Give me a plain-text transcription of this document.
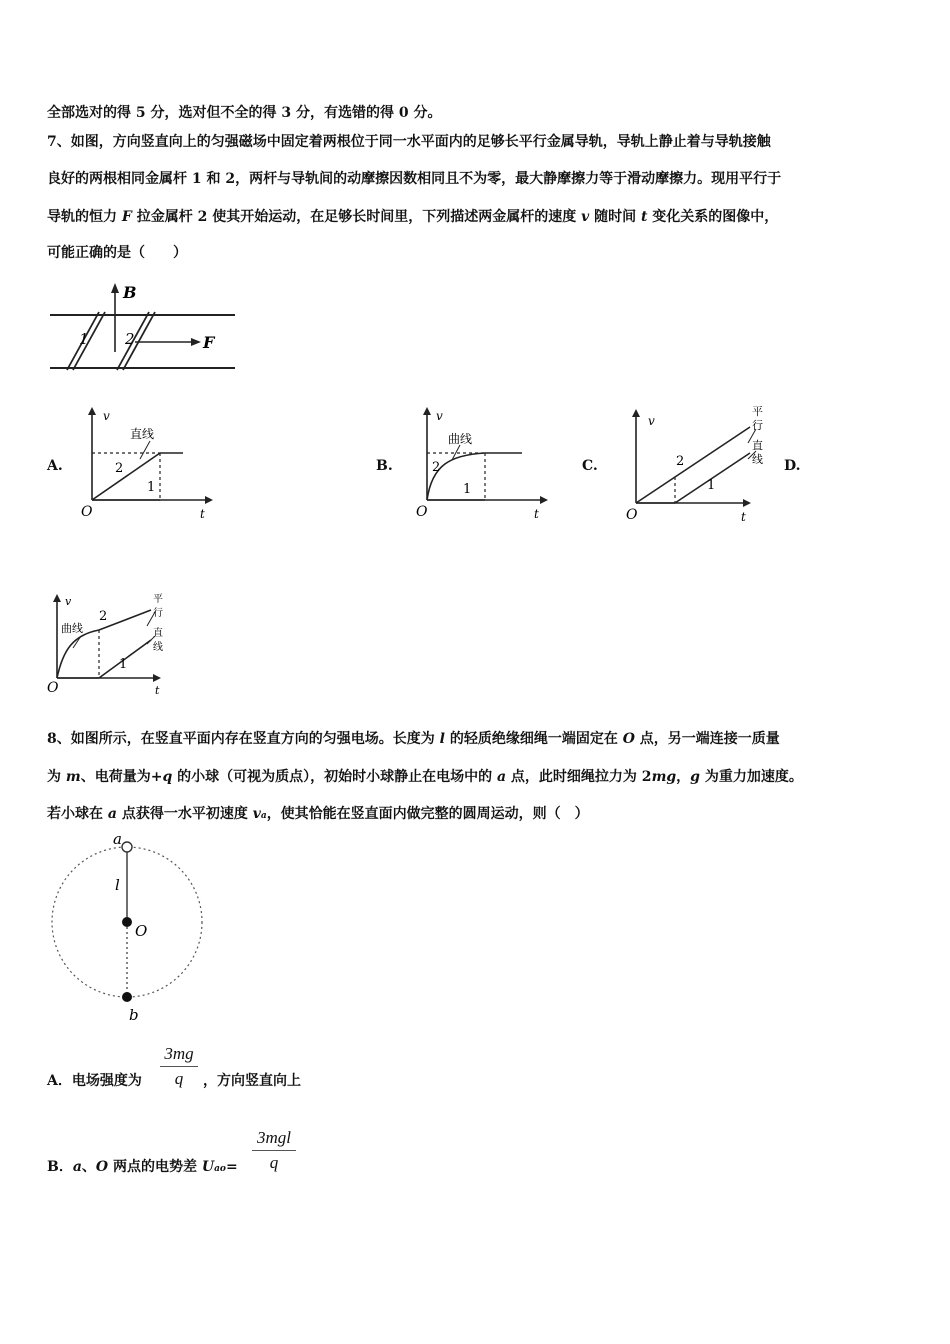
全部选对的得 5 分，选对但不全的得 3 分，有选错的得 0 分。
7、如图，方向竖直向上的匀强磁场中固定着两根位于同一水平面内的足够长平行金属导轨，导轨上静止着与导轨接触
良好的两根相同金属杆 1 和 2，两杆与导轨间的动摩擦因数相同且不为零，最大静摩擦力等于滑动摩擦力。现用平行于
导轨的恒力 F 拉金属杆 2 使其开始运动，在足够长时间里，下列描述两金属杆的速度 v 随时间 t 变化关系的图像中，
可能正确的是（　　）
B
F
1 2
A.	B.	C.	D.
v
直线
2
1
O	t
v
曲线
2
1
O	t
v
2
1
平
行
直
线
O	t
v
曲线
2
1
平
行
直
线
O	t
8、如图所示，在竖直平面内存在竖直方向的匀强电场。长度为 l 的轻质绝缘细绳一端固定在 O 点，另一端连接一质量
为 m、电荷量为+q 的小球（可视为质点），初始时小球静止在电场中的 a 点，此时细绳拉力为 2mg，g 为重力加速度。
若小球在 a 点获得一水平初速度 va，使其恰能在竖直面内做完整的圆周运动，则（　）
a
l
O
b
A．电场强度为 $\frac{3mg}{q}$ ，方向竖直向上
B．a、O 两点的电势差 Uao=
3mgl
q
